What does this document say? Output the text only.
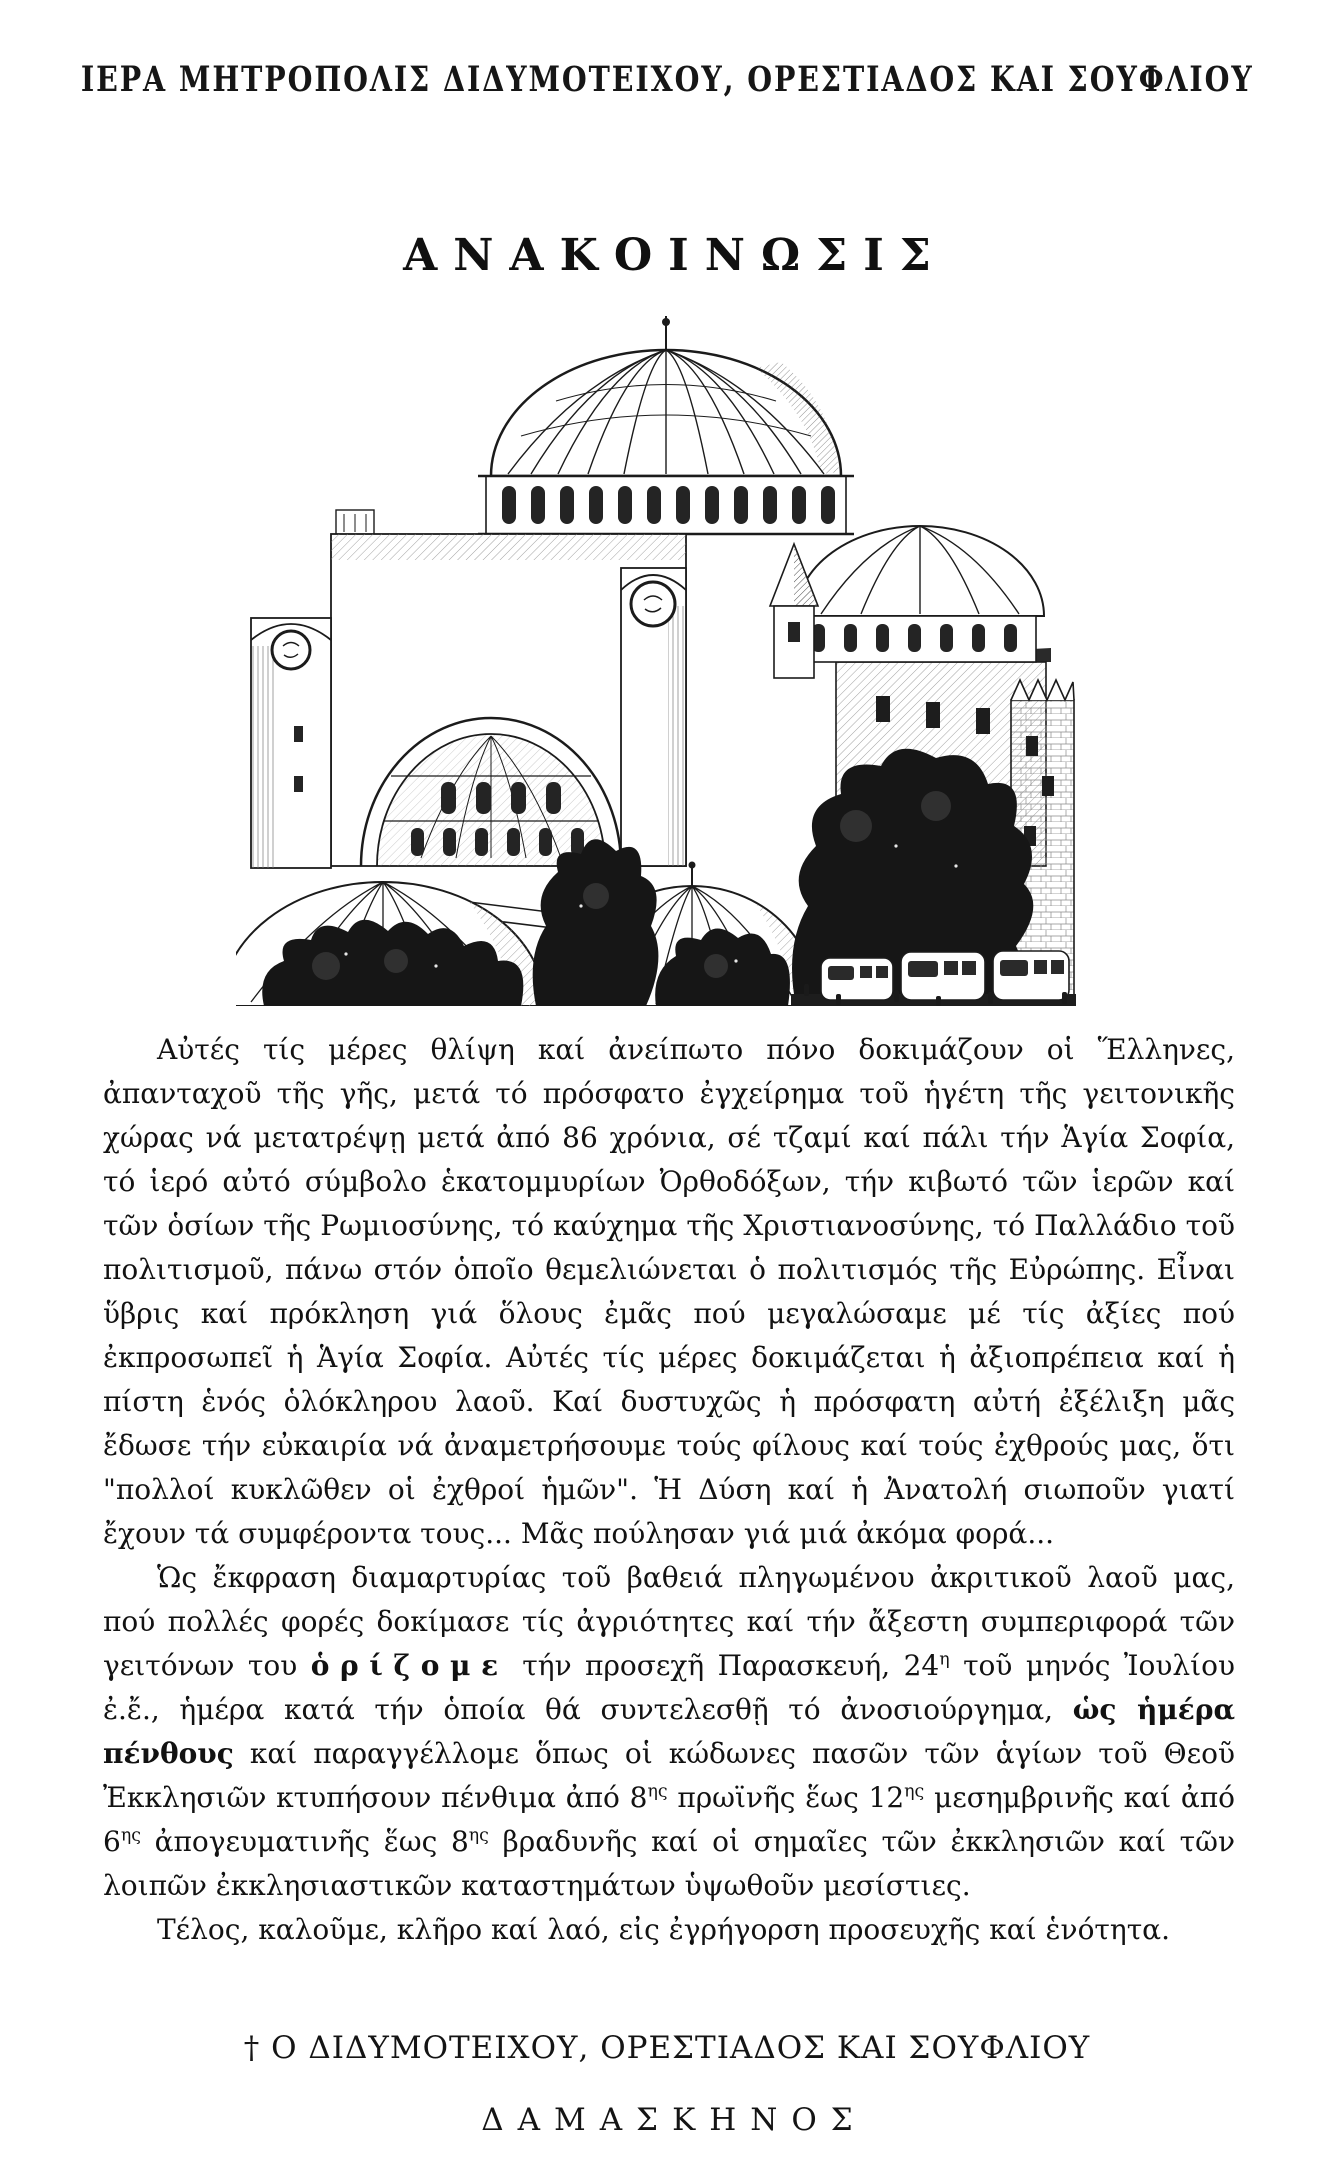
ΙΕΡΑ ΜΗΤΡΟΠΟΛΙΣ ΔΙΔΥΜΟΤΕΙΧΟΥ, ΟΡΕΣΤΙΑΔΟΣ ΚΑΙ ΣΟΥΦΛΙΟΥ
ΑΝΑΚΟΙΝΩΣΙΣ

Αὐτές τίς μέρες θλίψη καί ἀνείπωτο πόνο δοκιμάζουν οἱ Ἕλληνες, ἀπανταχοῦ τῆς γῆς, μετά τό πρόσφατο ἐγχείρημα τοῦ ἡγέτη τῆς γειτονικῆς χώρας νά μετατρέψῃ μετά ἀπό 86 χρόνια, σέ τζαμί καί πάλι τήν Ἁγία Σοφία, τό ἱερό αὐτό σύμβολο ἑκατομμυρίων Ὀρθοδόξων, τήν κιβωτό τῶν ἱερῶν καί τῶν ὁσίων τῆς Ρωμιοσύνης, τό καύχημα τῆς Χριστιανοσύνης, τό Παλλάδιο τοῦ πολιτισμοῦ, πάνω στόν ὁποῖο θεμελιώνεται ὁ πολιτισμός τῆς Εὐρώπης. Εἶναι ὕβρις καί πρόκληση γιά ὅλους ἐμᾶς πού μεγαλώσαμε μέ τίς ἀξίες πού ἐκπροσωπεῖ ἡ Ἁγία Σοφία. Αὐτές τίς μέρες δοκιμάζεται ἡ ἀξιοπρέπεια καί ἡ πίστη ἑνός ὁλόκληρου λαοῦ. Καί δυστυχῶς ἡ πρόσφατη αὐτή ἐξέλιξη μᾶς ἔδωσε τήν εὐκαιρία νά ἀναμετρήσουμε τούς φίλους καί τούς ἐχθρούς μας, ὅτι "πολλοί κυκλῶθεν οἱ ἐχθροί ἡμῶν". Ἡ Δύση καί ἡ Ἀνατολή σιωποῦν γιατί ἔχουν τά συμφέροντα τους... Μᾶς πούλησαν γιά μιά ἀκόμα φορά...

Ὡς ἔκφραση διαμαρτυρίας τοῦ βαθειά πληγωμένου ἀκριτικοῦ λαοῦ μας, πού πολλές φορές δοκίμασε τίς ἀγριότητες καί τήν ἄξεστη συμπεριφορά τῶν γειτόνων του ὁρίζομε τήν προσεχῆ Παρασκευή, $24^\eta$ τοῦ μηνός Ἰουλίου ἐ.ἔ., ἡμέρα κατά τήν ὁποία θά συντελεσθῇ τό ἀνοσιούργημα, ὡς ἡμέρα πένθους καί παραγγέλλομε ὅπως οἱ κώδωνες πασῶν τῶν ἁγίων τοῦ Θεοῦ Ἐκκλησιῶν κτυπήσουν πένθιμα ἀπό $8^{\eta\varsigma}$ πρωϊνῆς ἕως $12^{\eta\varsigma}$ μεσημβρινῆς καί ἀπό $6^{\eta\varsigma}$ ἀπογευματινῆς ἕως $8^{\eta\varsigma}$ βραδυνῆς καί οἱ σημαῖες τῶν ἐκκλησιῶν καί τῶν λοιπῶν ἐκκλησιαστικῶν καταστημάτων ὑψωθοῦν μεσίστιες.

Τέλος, καλοῦμε, κλῆρο καί λαό, εἰς ἐγρήγορση προσευχῆς καί ἑνότητα.

† Ο ΔΙΔΥΜΟΤΕΙΧΟΥ, ΟΡΕΣΤΙΑΔΟΣ ΚΑΙ ΣΟΥΦΛΙΟΥ
ΔΑΜΑΣΚΗΝΟΣ
